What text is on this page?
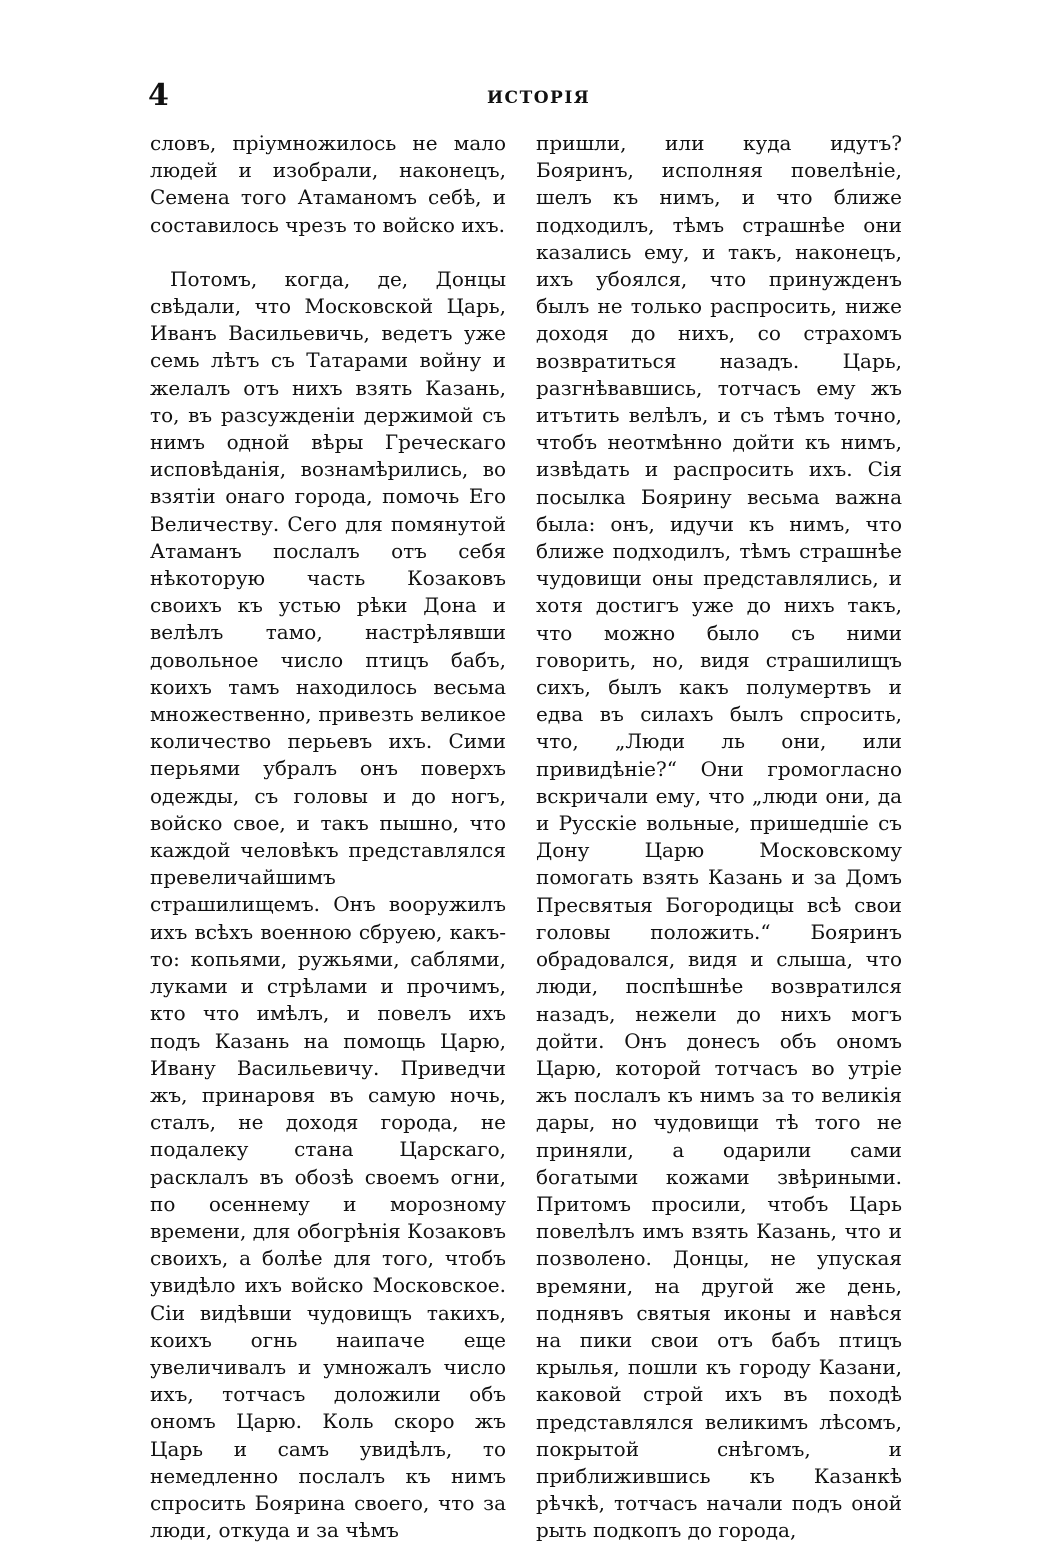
4	ИСТОРІЯ

словъ, пріумножилось не мало людей и изобрали, наконецъ, Семена того Атаманомъ себѣ, и составилось чрезъ то войско ихъ.

Потомъ, когда, де, Донцы свѣдали, что Московской Царь, Иванъ Васильевичь, ведетъ уже семь лѣтъ съ Татарами войну и желалъ отъ нихъ взять Казань, то, въ разсужденіи держимой съ нимъ одной вѣры Греческаго исповѣданія, вознамѣрились, во взятіи онаго города, помочь Его Величеству. Сего для помянутой Атаманъ послалъ отъ себя нѣкоторую часть Козаковъ своихъ къ устью рѣки Дона и велѣлъ тамо, настрѣлявши довольное число птицъ бабъ, коихъ тамъ находилось весьма множественно, привезть великое количество перьевъ ихъ. Сими перьями убралъ онъ поверхъ одежды, съ головы и до ногъ, войско свое, и такъ пышно, что каждой человѣкъ представлялся превеличайшимъ страшилищемъ. Онъ вооружилъ ихъ всѣхъ военною сбруею, какъ-то: копьями, ружьями, саблями, луками и стрѣлами и прочимъ, кто что имѣлъ, и повелъ ихъ подъ Казань на помощь Царю, Ивану Васильевичу. Приведчи жъ, принаровя въ самую ночь, сталъ, не доходя города, не подалеку стана Царскаго, расклалъ въ обозѣ своемъ огни, по осеннему и морозному времени, для обогрѣнія Козаковъ своихъ, а болѣе для того, чтобъ увидѣло ихъ войско Московское. Сіи видѣвши чудовищъ такихъ, коихъ огнь наипаче еще увеличивалъ и умножалъ число ихъ, тотчасъ доложили объ ономъ Царю. Коль скоро жъ Царь и самъ увидѣлъ, то немедленно послалъ къ нимъ спросить Боярина своего, что за люди, откуда и за чѣмъ

пришли, или куда идутъ? Бояринъ, исполняя повелѣніе, шелъ къ нимъ, и что ближе подходилъ, тѣмъ страшнѣе они казались ему, и такъ, наконецъ, ихъ убоялся, что принужденъ былъ не только распросить, ниже доходя до нихъ, со страхомъ возвратиться назадъ. Царь, разгнѣвавшись, тотчасъ ему жъ итътить велѣлъ, и съ тѣмъ точно, чтобъ неотмѣнно дойти къ нимъ, извѣдать и распросить ихъ. Сія посылка Боярину весьма важна была: онъ, идучи къ нимъ, что ближе подходилъ, тѣмъ страшнѣе чудовищи оны представлялись, и хотя достигъ уже до нихъ такъ, что можно было съ ними говорить, но, видя страшилищъ сихъ, былъ какъ полумертвъ и едва въ силахъ былъ спросить, что, „Люди ль они, или привидѣніе?“ Они громогласно вскричали ему, что „люди они, да и Русскіе вольные, пришедшіе съ Дону Царю Московскому помогать взять Казань и за Домъ Пресвятыя Богородицы всѣ свои головы положить.“ Бояринъ обрадовался, видя и слыша, что люди, поспѣшнѣе возвратился назадъ, нежели до нихъ могъ дойти. Онъ донесъ объ ономъ Царю, которой тотчасъ во утріе жъ послалъ къ нимъ за то великія дары, но чудовищи тѣ того не приняли, а одарили сами богатыми кожами звѣриными. Притомъ просили, чтобъ Царь повелѣлъ имъ взять Казань, что и позволено. Донцы, не упуская времяни, на другой же день, поднявъ святыя иконы и навѣся на пики свои отъ бабъ птицъ крылья, пошли къ городу Казани, каковой строй ихъ въ походѣ представлялся великимъ лѣсомъ, покрытой снѣгомъ, и приближившись къ Казанкѣ рѣчкѣ, тотчасъ начали подъ оной рыть подкопъ до города,
